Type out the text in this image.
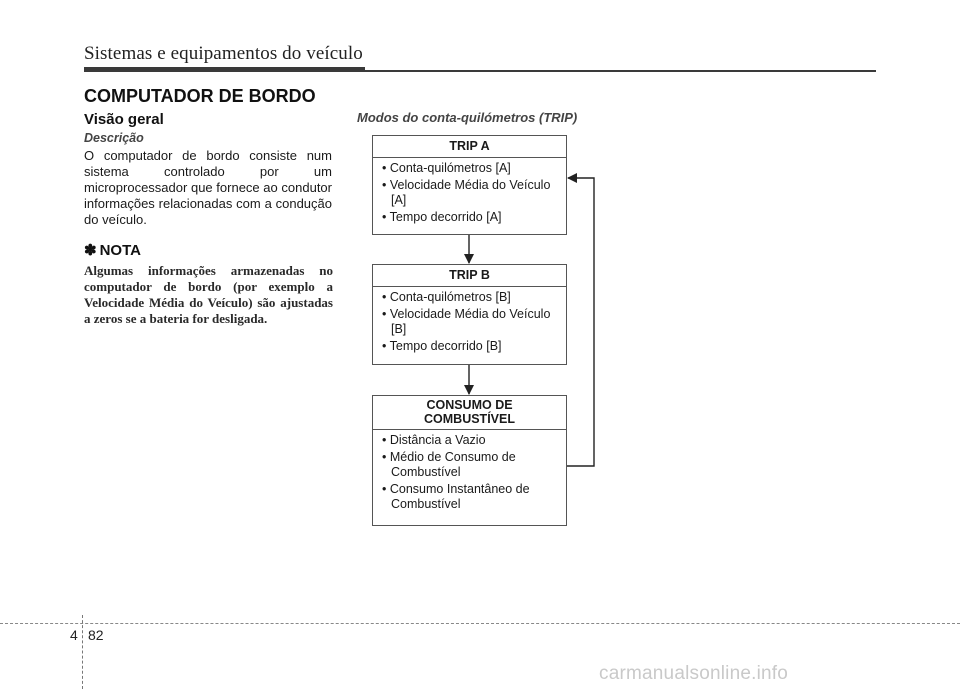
Sistemas e equipamentos do veículo
COMPUTADOR DE BORDO
Visão geral
Descrição
O computador de bordo consiste num sistema controlado por um microprocessador que fornece ao condutor informações relacionadas com a condução do veículo.
✽ NOTA
Algumas informações armazenadas no computador de bordo (por exemplo a Velocidade Média do Veículo) são ajustadas a zeros se a bateria for desligada.
Modos do conta-quilómetros (TRIP)
TRIP A
• Conta-quilómetros [A]
• Velocidade Média do Veículo [A]
• Tempo decorrido [A]
TRIP B
• Conta-quilómetros [B]
• Velocidade Média do Veículo [B]
• Tempo decorrido [B]
CONSUMO DE COMBUSTÍVEL
• Distância a Vazio
• Médio de Consumo de Combustível
• Consumo Instantâneo de Combustível
4 82
carmanualsonline.info
